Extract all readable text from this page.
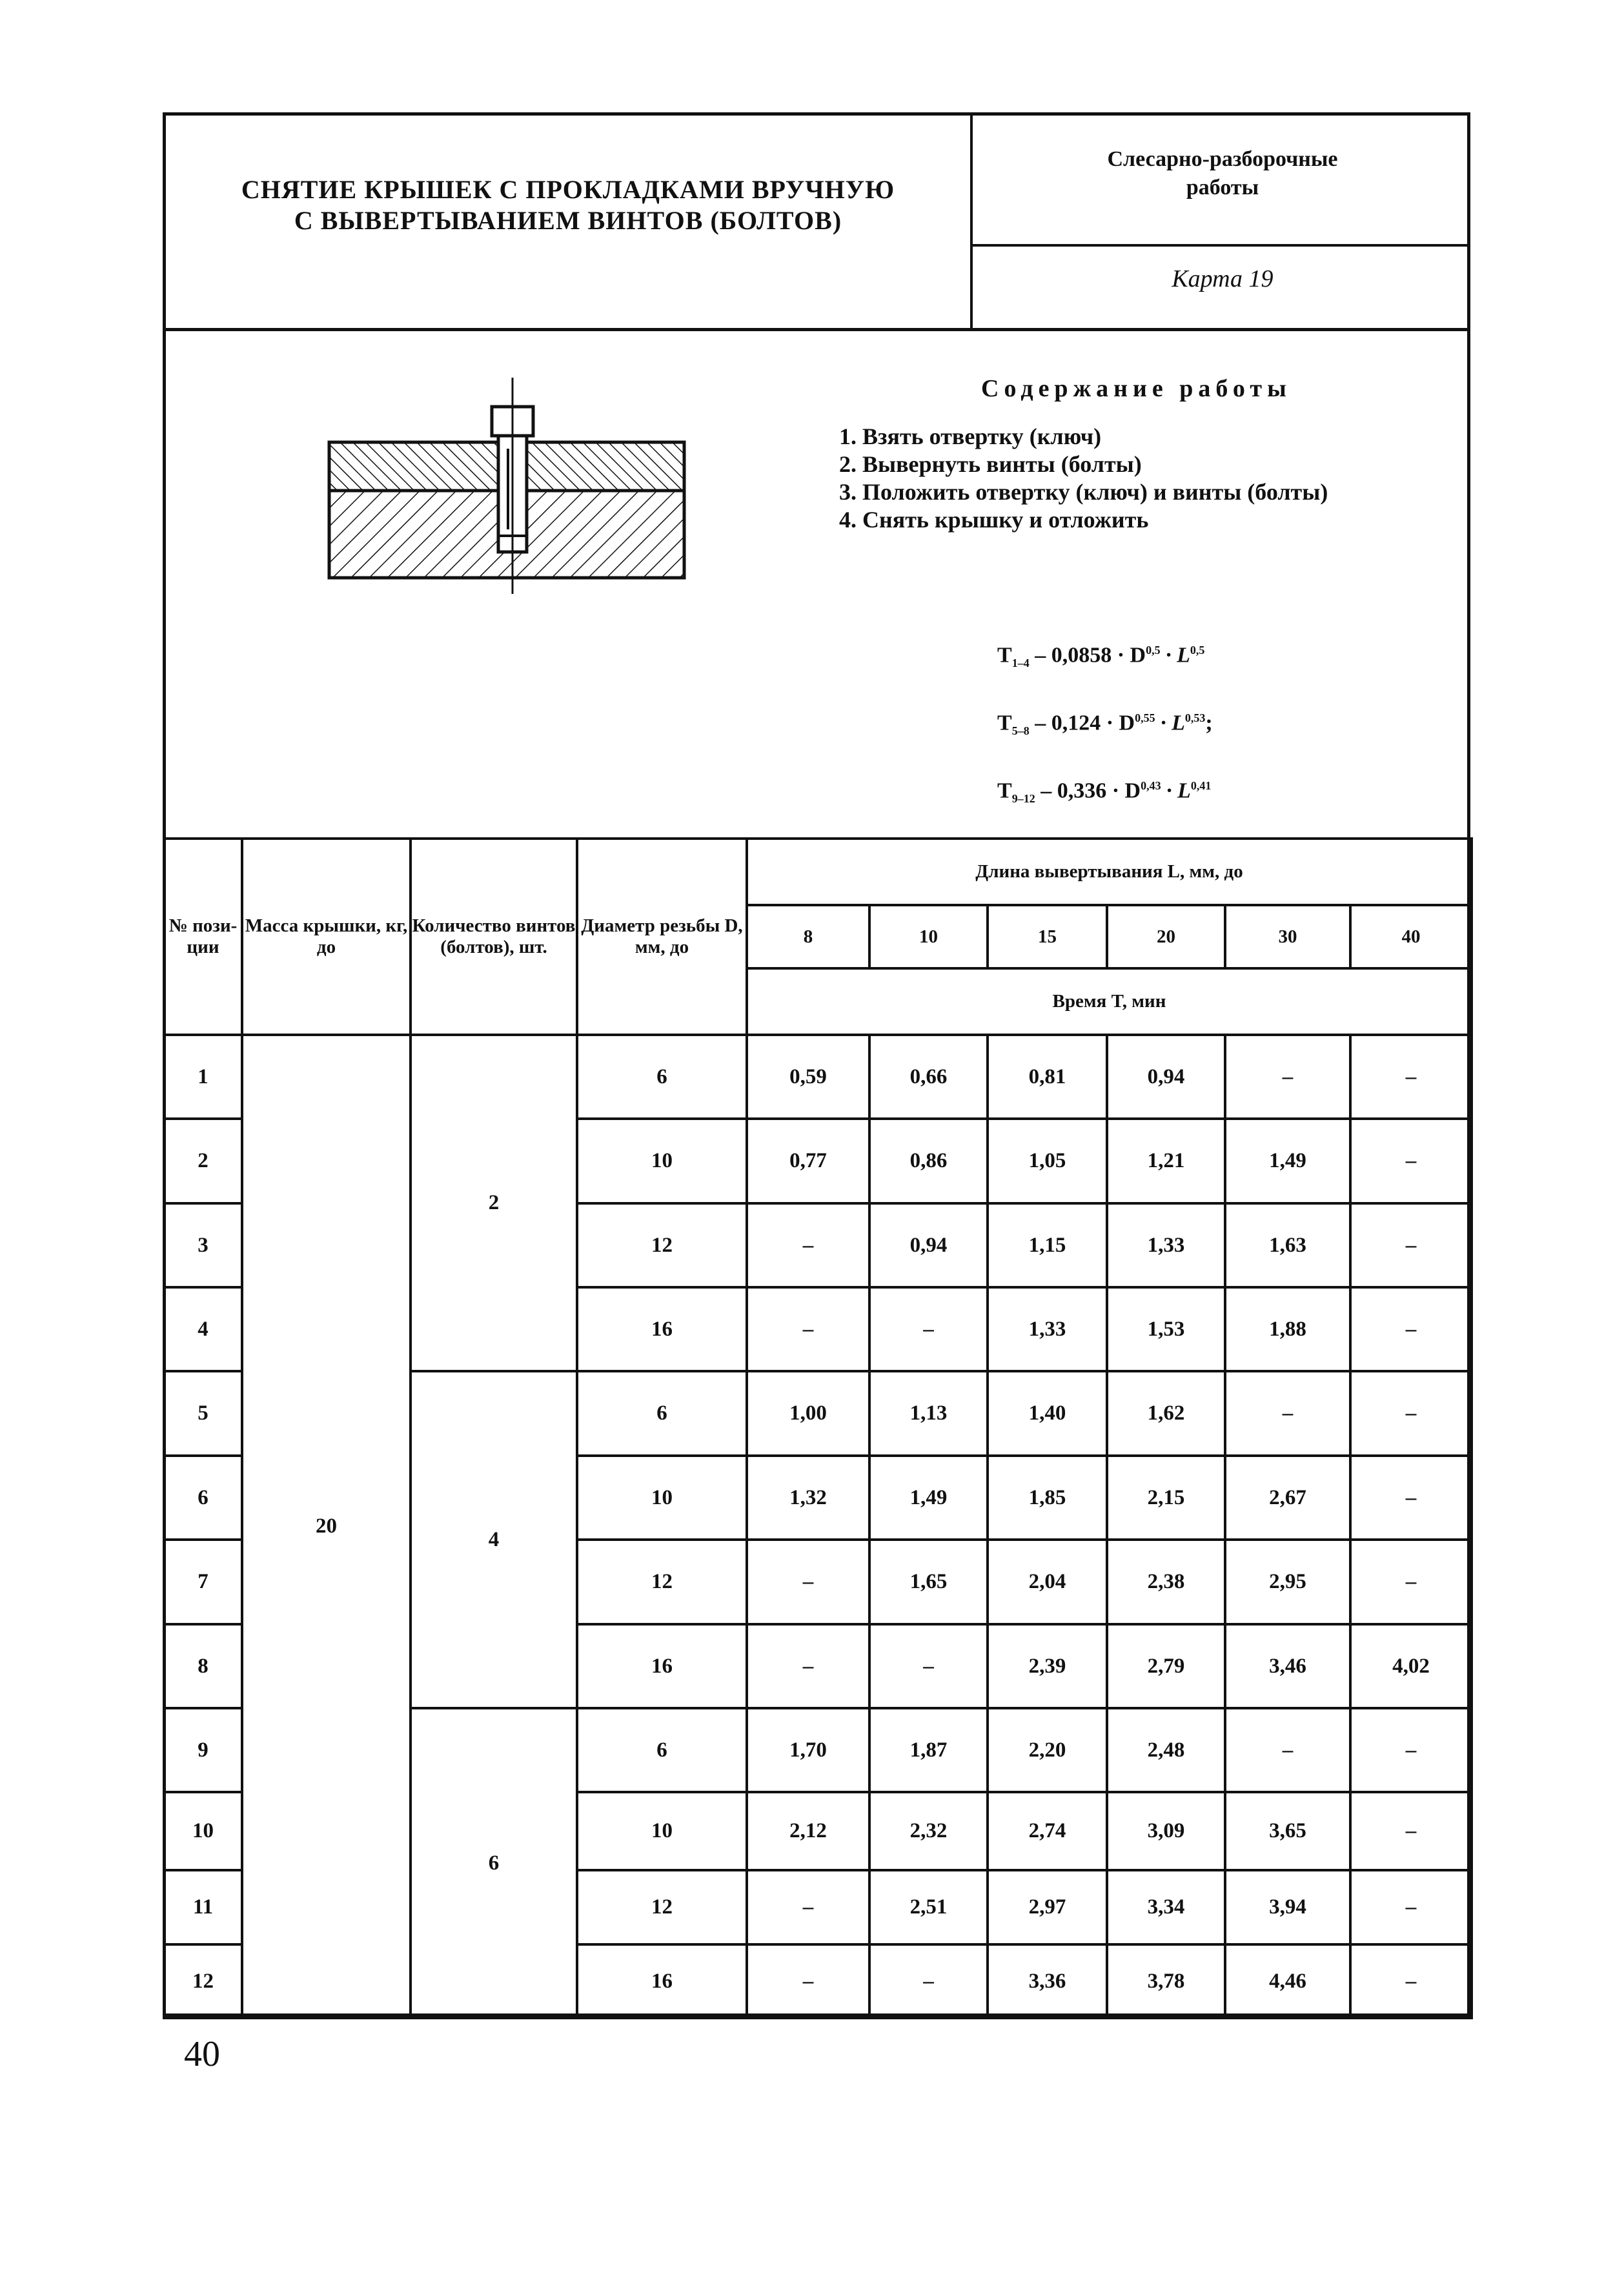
СНЯТИЕ КРЫШЕК С ПРОКЛАДКАМИ ВРУЧНУЮ
С ВЫВЕРТЫВАНИЕМ ВИНТОВ (БОЛТОВ)
Слесарно-разборочные
работы
Карта 19
Содержание работы
1. Взять отвертку (ключ)
2. Вывернуть винты (болты)
3. Положить отвертку (ключ) и винты (болты)
4. Снять крышку и отложить
$T_{1-4} - 0,0858 \cdot D^{0,5} \cdot L^{0,5}$
$T_{5-8} - 0,124 \cdot D^{0,55} \cdot L^{0,53}$;
$T_{9-12} - 0,336 \cdot D^{0,43} \cdot L^{0,41}$
№ пози-ции	Масса крышки, кг, до	Количество винтов (болтов), шт.	Диаметр резьбы D, мм, до	Длина вывертывания L, мм, до					
				8	10	15	20	30	40
				Время T, мин					
1	20	2	6	0,59	0,66	0,81	0,94	–	–
2			10	0,77	0,86	1,05	1,21	1,49	–
3			12	–	0,94	1,15	1,33	1,63	–
4			16	–	–	1,33	1,53	1,88	–
5		4	6	1,00	1,13	1,40	1,62	–	–
6			10	1,32	1,49	1,85	2,15	2,67	–
7			12	–	1,65	2,04	2,38	2,95	–
8			16	–	–	2,39	2,79	3,46	4,02
9		6	6	1,70	1,87	2,20	2,48	–	–
10			10	2,12	2,32	2,74	3,09	3,65	–
11			12	–	2,51	2,97	3,34	3,94	–
12			16	–	–	3,36	3,78	4,46	–
40
